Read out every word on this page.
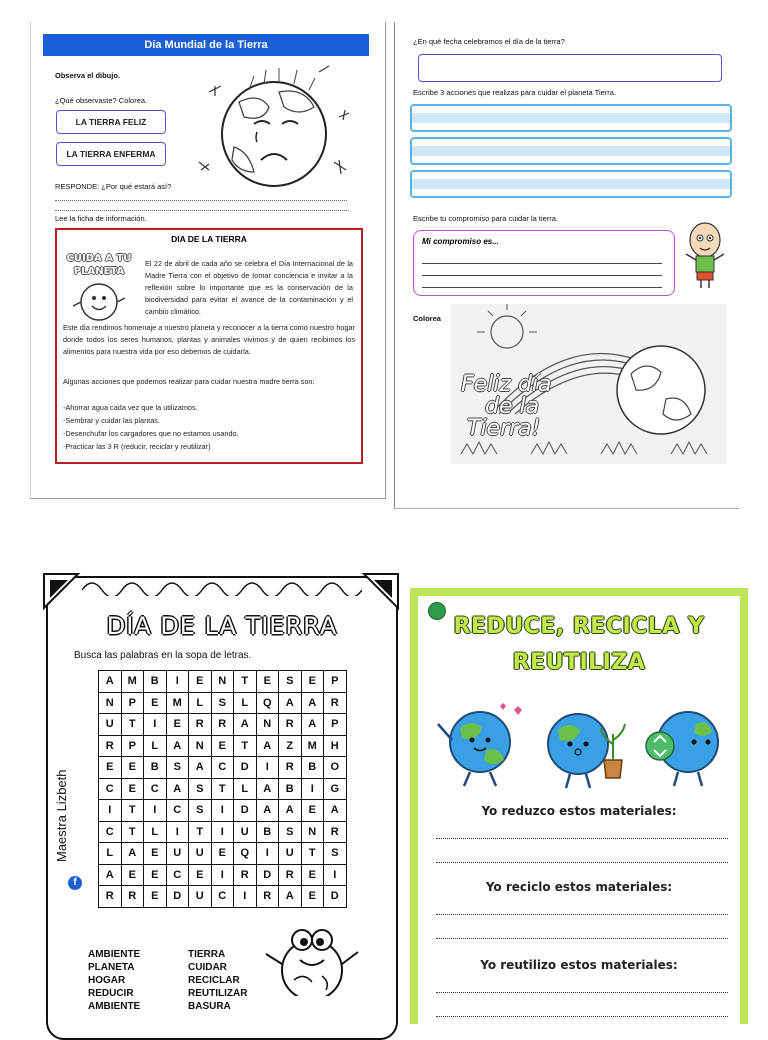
Día Mundial de la Tierra
Observa el dibujo.
¿Qué observaste? Colorea.
LA TIERRA FELIZ
LA TIERRA ENFERMA
RESPONDE: ¿Por qué estará así?
Lee la ficha de información.
DIA DE LA TIERRA
CUIDA A TU PLANETA
El 22 de abril de cada año se celebra el Día Internacional de la Madre Tierra con el objetivo de tomar conciencia e invitar a la reflexión sobre lo importante que es la conservación de la biodiversidad para evitar el avance de la contaminación y el cambio climático.
Este día rendimos homenaje a nuestro planeta y reconocer a la tierra como nuestro hogar donde todos los seres humanos, plantas y animales vivimos y de quien recibimos los alimentos para nuestra vida por eso debemos de cuidarla.
Algunas acciones que podemos realizar para cuidar nuestra madre tierra son:
-Ahorrar agua cada vez que la utilizamos.
-Sembrar y cuidar las plantas.
-Desenchufar los cargadores que no estamos usando.
-Practicar las 3 R (reducir, reciclar y reutilizar)
¿En qué fecha celebramos el día de la tierra?
Escribe 3 acciones que realizas para cuidar el planeta Tierra.
Escribe tu compromiso para cuidar la tierra.
Mi compromiso es...
Colorea
Feliz día
de la
Tierra!
DÍA DE LA TIERRA
Busca las palabras en la sopa de letras.
Maestra Lizbeth
f
A	M	B	I	E	N	T	E	S	E	P
N	P	E	M	L	S	L	Q	A	A	R
U	T	I	E	R	R	A	N	R	A	P
R	P	L	A	N	E	T	A	Z	M	H
E	E	B	S	A	C	D	I	R	B	O
C	E	C	A	S	T	L	A	B	I	G
I	T	I	C	S	I	D	A	A	E	A
C	T	L	I	T	I	U	B	S	N	R
L	A	E	U	U	E	Q	I	U	T	S
A	E	E	C	E	I	R	D	R	E	I
R	R	E	D	U	C	I	R	A	E	D
AMBIENTE
PLANETA
HOGAR
REDUCIR
AMBIENTE
TIERRA
CUIDAR
RECICLAR
REUTILIZAR
BASURA
REDUCE, RECICLA Y
REUTILIZA
Yo reduzco estos materiales:
Yo reciclo estos materiales:
Yo reutilizo estos materiales:
